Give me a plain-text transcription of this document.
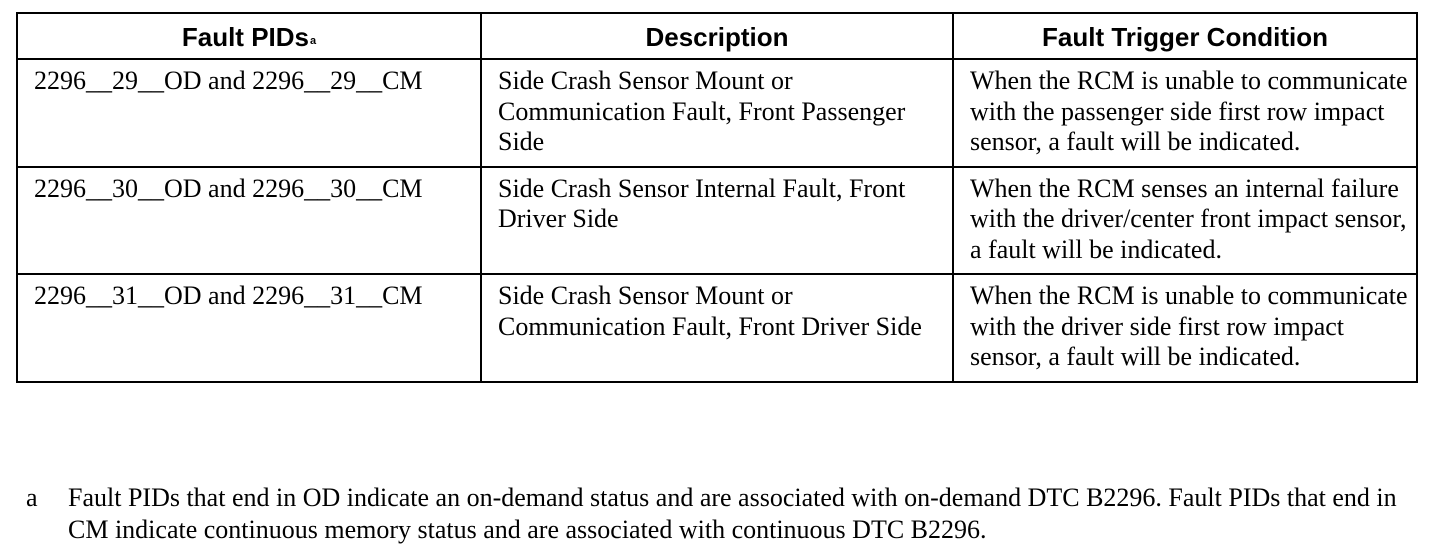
Fault PIDs$^a$	Description	Fault Trigger Condition
2296__29__OD and 2296__29__CM	Side Crash Sensor Mount or Communication Fault, Front Passenger Side	When the RCM is unable to communicate with the passenger side first row impact sensor, a fault will be indicated.
2296__30__OD and 2296__30__CM	Side Crash Sensor Internal Fault, Front Driver Side	When the RCM senses an internal failure with the driver/center front impact sensor, a fault will be indicated.
2296__31__OD and 2296__31__CM	Side Crash Sensor Mount or Communication Fault, Front Driver Side	When the RCM is unable to communicate with the driver side first row impact sensor, a fault will be indicated.
a Fault PIDs that end in OD indicate an on-demand status and are associated with on-demand DTC B2296. Fault PIDs that end in CM indicate continuous memory status and are associated with continuous DTC B2296.
